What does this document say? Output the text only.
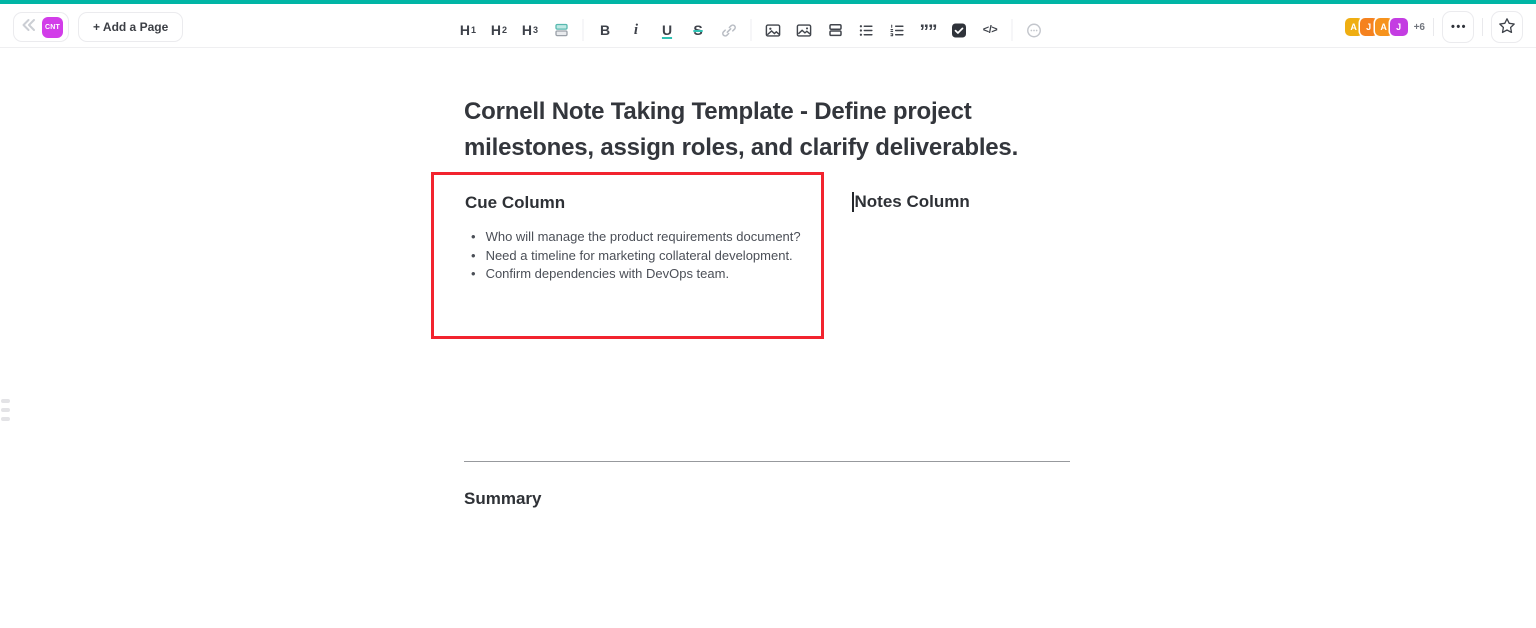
CNT	+ Add a Page	H 1 H 2 H 3	B	i	U	S	””	</>	A	J	A	J	+6 •••
Cornell Note Taking Template - Define project
milestones, assign roles, and clarify deliverables.
Cue Column
• Who will manage the product requirements document?
• Need a timeline for marketing collateral development.
• Confirm dependencies with DevOps team.
Notes Column
Summary
